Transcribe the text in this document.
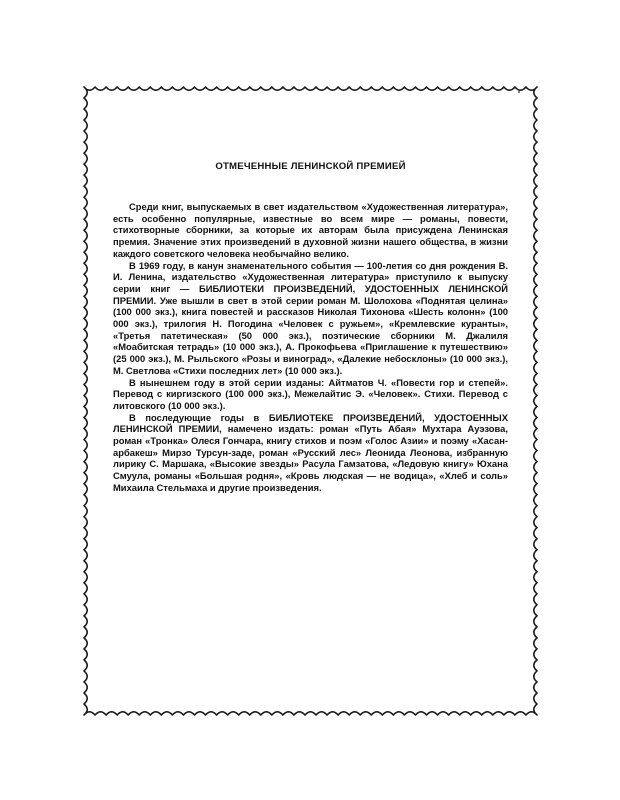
ОТМЕЧЕННЫЕ ЛЕНИНСКОЙ ПРЕМИЕЙ

Среди книг, выпускаемых в свет издательством «Художественная литература», есть особенно популярные, известные во всем мире — романы, повести, стихотворные сборники, за которые их авторам была присуждена Ленинская премия. Значение этих произведений в духовной жизни нашего общества, в жизни каждого советского человека необычайно велико.

В 1969 году, в канун знаменательного события — 100-летия со дня рождения В. И. Ленина, издательство «Художественная литература» приступило к выпуску серии книг — БИБЛИОТЕКИ ПРОИЗВЕДЕНИЙ, УДОСТОЕННЫХ ЛЕНИНСКОЙ ПРЕМИИ. Уже вышли в свет в этой серии роман М. Шолохова «Поднятая целина» (100 000 экз.), книга повестей и рассказов Николая Тихонова «Шесть колонн» (100 000 экз.), трилогия Н. Погодина «Человек с ружьем», «Кремлевские куранты», «Третья патетическая» (50 000 экз.), поэтические сборники М. Джалиля «Моабитская тетрадь» (10 000 экз.), А. Прокофьева «Приглашение к путешествию» (25 000 экз.), М. Рыльского «Розы и виноград», «Далекие небосклоны» (10 000 экз.), М. Светлова «Стихи последних лет» (10 000 экз.).

В нынешнем году в этой серии изданы: Айтматов Ч. «Повести гор и степей». Перевод с киргизского (100 000 экз.), Межелайтис Э. «Человек». Стихи. Перевод с литовского (10 000 экз.).

В последующие годы в БИБЛИОТЕКЕ ПРОИЗВЕДЕНИЙ, УДОСТОЕННЫХ ЛЕНИНСКОЙ ПРЕМИИ, намечено издать: роман «Путь Абая» Мухтара Ауэзова, роман «Тронка» Олеся Гончара, книгу стихов и поэм «Голос Азии» и поэму «Хасан-арбакеш» Мирзо Турсун-заде, роман «Русский лес» Леонида Леонова, избранную лирику С. Маршака, «Высокие звезды» Расула Гамзатова, «Ледовую книгу» Юхана Смуула, романы «Большая родня», «Кровь людская — не водица», «Хлеб и соль» Михаила Стельмаха и другие произведения.
